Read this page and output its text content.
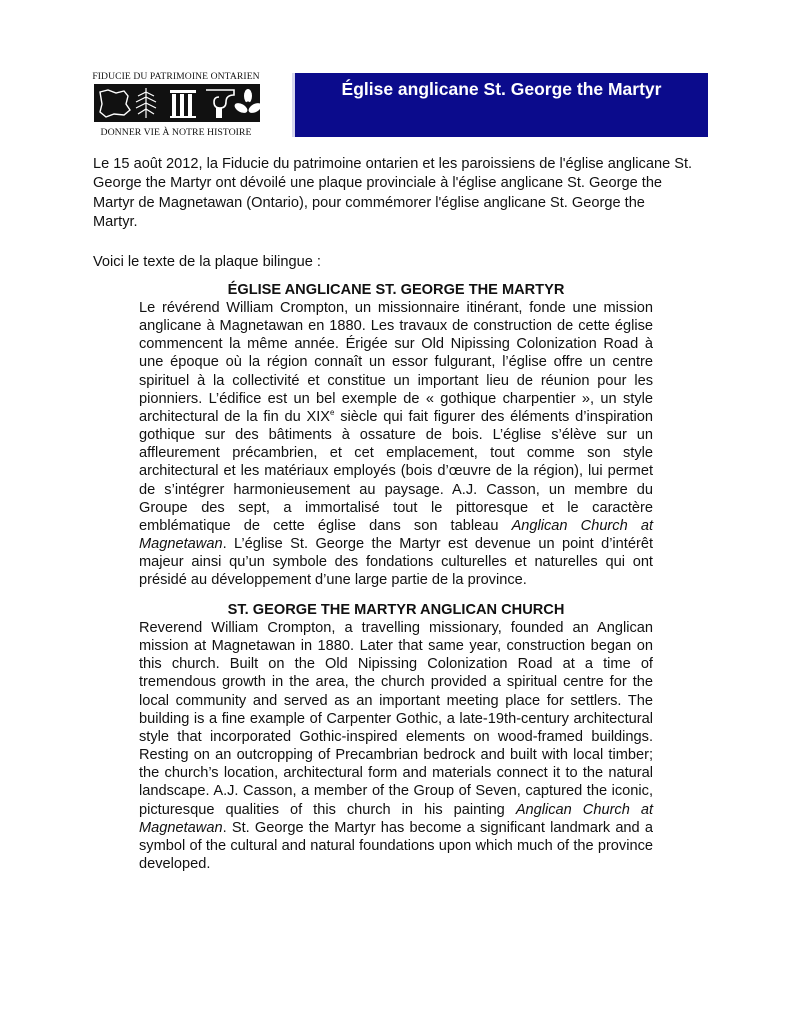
FIDUCIE DU PATRIMOINE ONTARIEN
DONNER VIE À NOTRE HISTOIRE
Église anglicane St. George the Martyr

Le 15 août 2012, la Fiducie du patrimoine ontarien et les paroissiens de l'église anglicane St. George the Martyr ont dévoilé une plaque provinciale à l'église anglicane St. George the Martyr de Magnetawan (Ontario), pour commémorer l'église anglicane St. George the Martyr.

Voici le texte de la plaque bilingue :

ÉGLISE ANGLICANE ST. GEORGE THE MARTYR

Le révérend William Crompton, un missionnaire itinérant, fonde une mission anglicane à Magnetawan en 1880. Les travaux de construction de cette église commencent la même année. Érigée sur Old Nipissing Colonization Road à une époque où la région connaît un essor fulgurant, l’église offre un centre spirituel à la collectivité et constitue un important lieu de réunion pour les pionniers. L’édifice est un bel exemple de « gothique charpentier », un style architectural de la fin du XIXe siècle qui fait figurer des éléments d’inspiration gothique sur des bâtiments à ossature de bois. L’église s’élève sur un affleurement précambrien, et cet emplacement, tout comme son style architectural et les matériaux employés (bois d’œuvre de la région), lui permet de s’intégrer harmonieusement au paysage. A.J. Casson, un membre du Groupe des sept, a immortalisé tout le pittoresque et le caractère emblématique de cette église dans son tableau Anglican Church at Magnetawan. L’église St. George the Martyr est devenue un point d’intérêt majeur ainsi qu’un symbole des fondations culturelles et naturelles qui ont présidé au développement d’une large partie de la province.

ST. GEORGE THE MARTYR ANGLICAN CHURCH

Reverend William Crompton, a travelling missionary, founded an Anglican mission at Magnetawan in 1880. Later that same year, construction began on this church. Built on the Old Nipissing Colonization Road at a time of tremendous growth in the area, the church provided a spiritual centre for the local community and served as an important meeting place for settlers. The building is a fine example of Carpenter Gothic, a late-19th-century architectural style that incorporated Gothic-inspired elements on wood-framed buildings. Resting on an outcropping of Precambrian bedrock and built with local timber; the church’s location, architectural form and materials connect it to the natural landscape. A.J. Casson, a member of the Group of Seven, captured the iconic, picturesque qualities of this church in his painting Anglican Church at Magnetawan. St. George the Martyr has become a significant landmark and a symbol of the cultural and natural foundations upon which much of the province developed.
